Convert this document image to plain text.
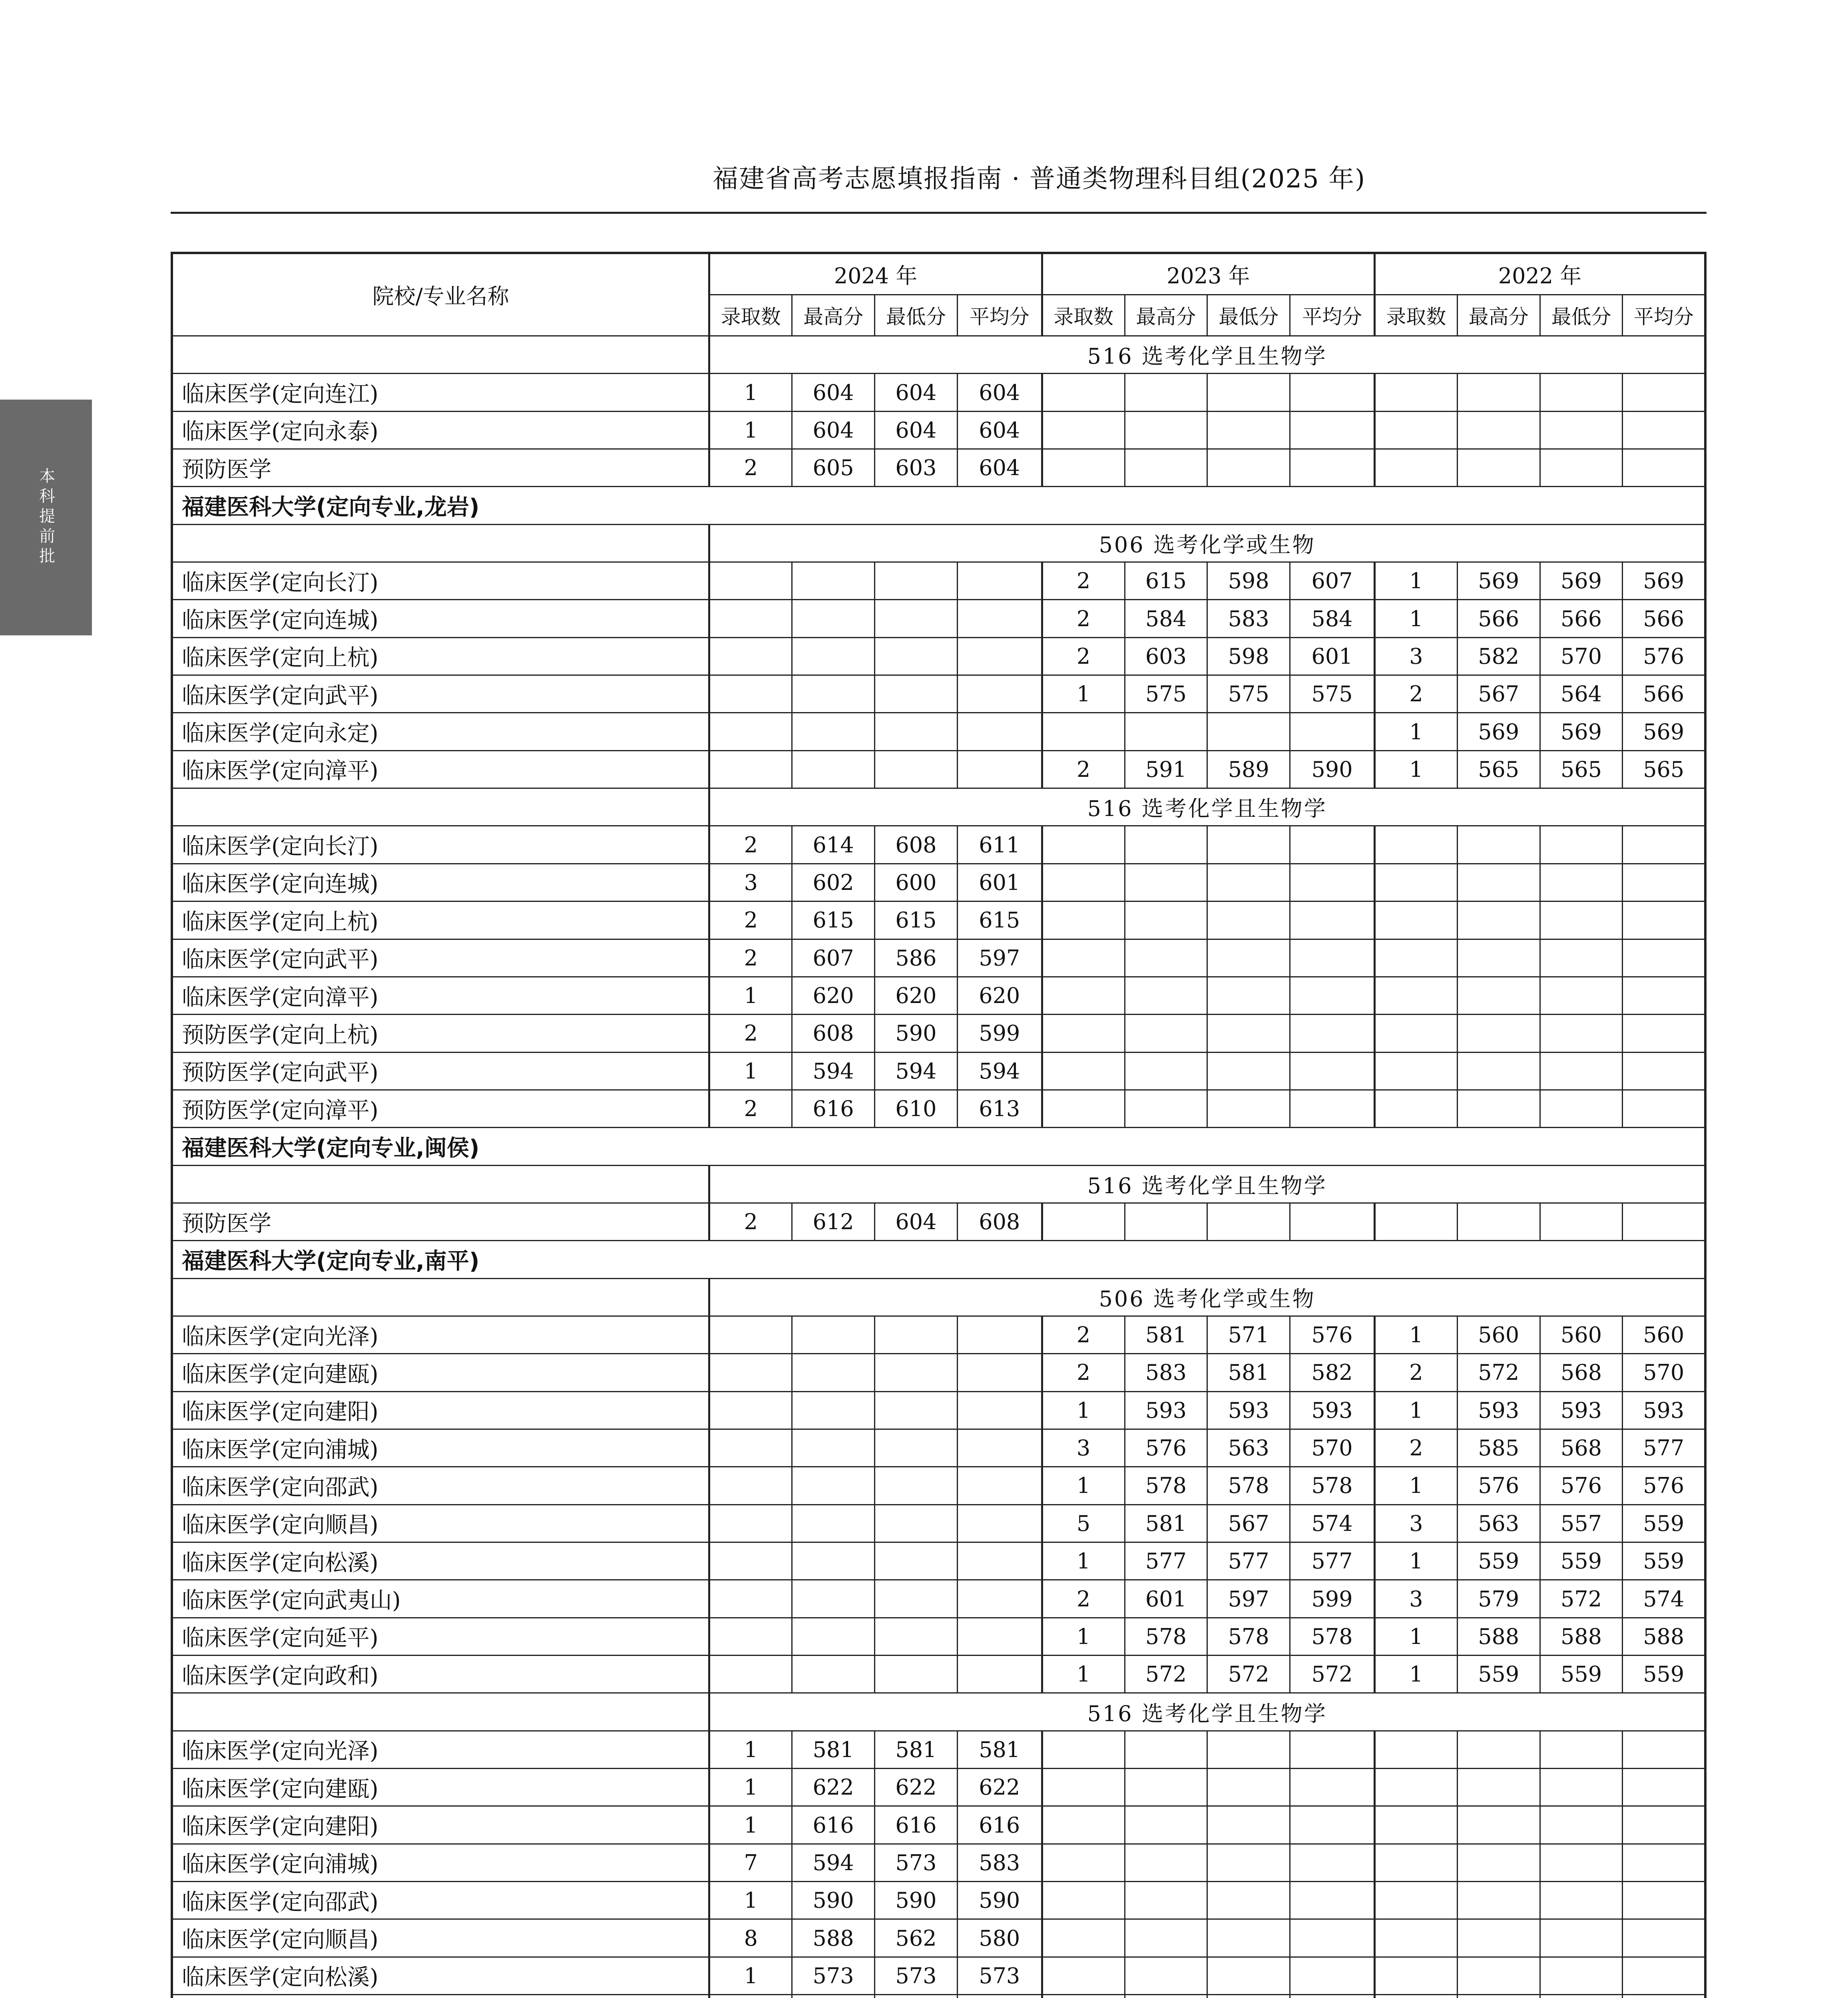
福建省高考志愿填报指南 · 普通类物理科目组(2025 年)
本科提前批
院校/专业名称	2024 年				2023 年				2022 年			
	录取数	最高分	最低分	平均分	录取数	最高分	最低分	平均分	录取数	最高分	最低分	平均分
	516 选考化学且生物学											
临床医学(定向连江)	1	604	604	604								
临床医学(定向永泰)	1	604	604	604								
预防医学	2	605	603	604								
福建医科大学(定向专业,龙岩)												
	506 选考化学或生物											
临床医学(定向长汀)					2	615	598	607	1	569	569	569
临床医学(定向连城)					2	584	583	584	1	566	566	566
临床医学(定向上杭)					2	603	598	601	3	582	570	576
临床医学(定向武平)					1	575	575	575	2	567	564	566
临床医学(定向永定)									1	569	569	569
临床医学(定向漳平)					2	591	589	590	1	565	565	565
	516 选考化学且生物学											
临床医学(定向长汀)	2	614	608	611								
临床医学(定向连城)	3	602	600	601								
临床医学(定向上杭)	2	615	615	615								
临床医学(定向武平)	2	607	586	597								
临床医学(定向漳平)	1	620	620	620								
预防医学(定向上杭)	2	608	590	599								
预防医学(定向武平)	1	594	594	594								
预防医学(定向漳平)	2	616	610	613								
福建医科大学(定向专业,闽侯)												
	516 选考化学且生物学											
预防医学	2	612	604	608								
福建医科大学(定向专业,南平)												
	506 选考化学或生物											
临床医学(定向光泽)					2	581	571	576	1	560	560	560
临床医学(定向建瓯)					2	583	581	582	2	572	568	570
临床医学(定向建阳)					1	593	593	593	1	593	593	593
临床医学(定向浦城)					3	576	563	570	2	585	568	577
临床医学(定向邵武)					1	578	578	578	1	576	576	576
临床医学(定向顺昌)					5	581	567	574	3	563	557	559
临床医学(定向松溪)					1	577	577	577	1	559	559	559
临床医学(定向武夷山)					2	601	597	599	3	579	572	574
临床医学(定向延平)					1	578	578	578	1	588	588	588
临床医学(定向政和)					1	572	572	572	1	559	559	559
	516 选考化学且生物学											
临床医学(定向光泽)	1	581	581	581								
临床医学(定向建瓯)	1	622	622	622								
临床医学(定向建阳)	1	616	616	616								
临床医学(定向浦城)	7	594	573	583								
临床医学(定向邵武)	1	590	590	590								
临床医学(定向顺昌)	8	588	562	580								
临床医学(定向松溪)	1	573	573	573								
